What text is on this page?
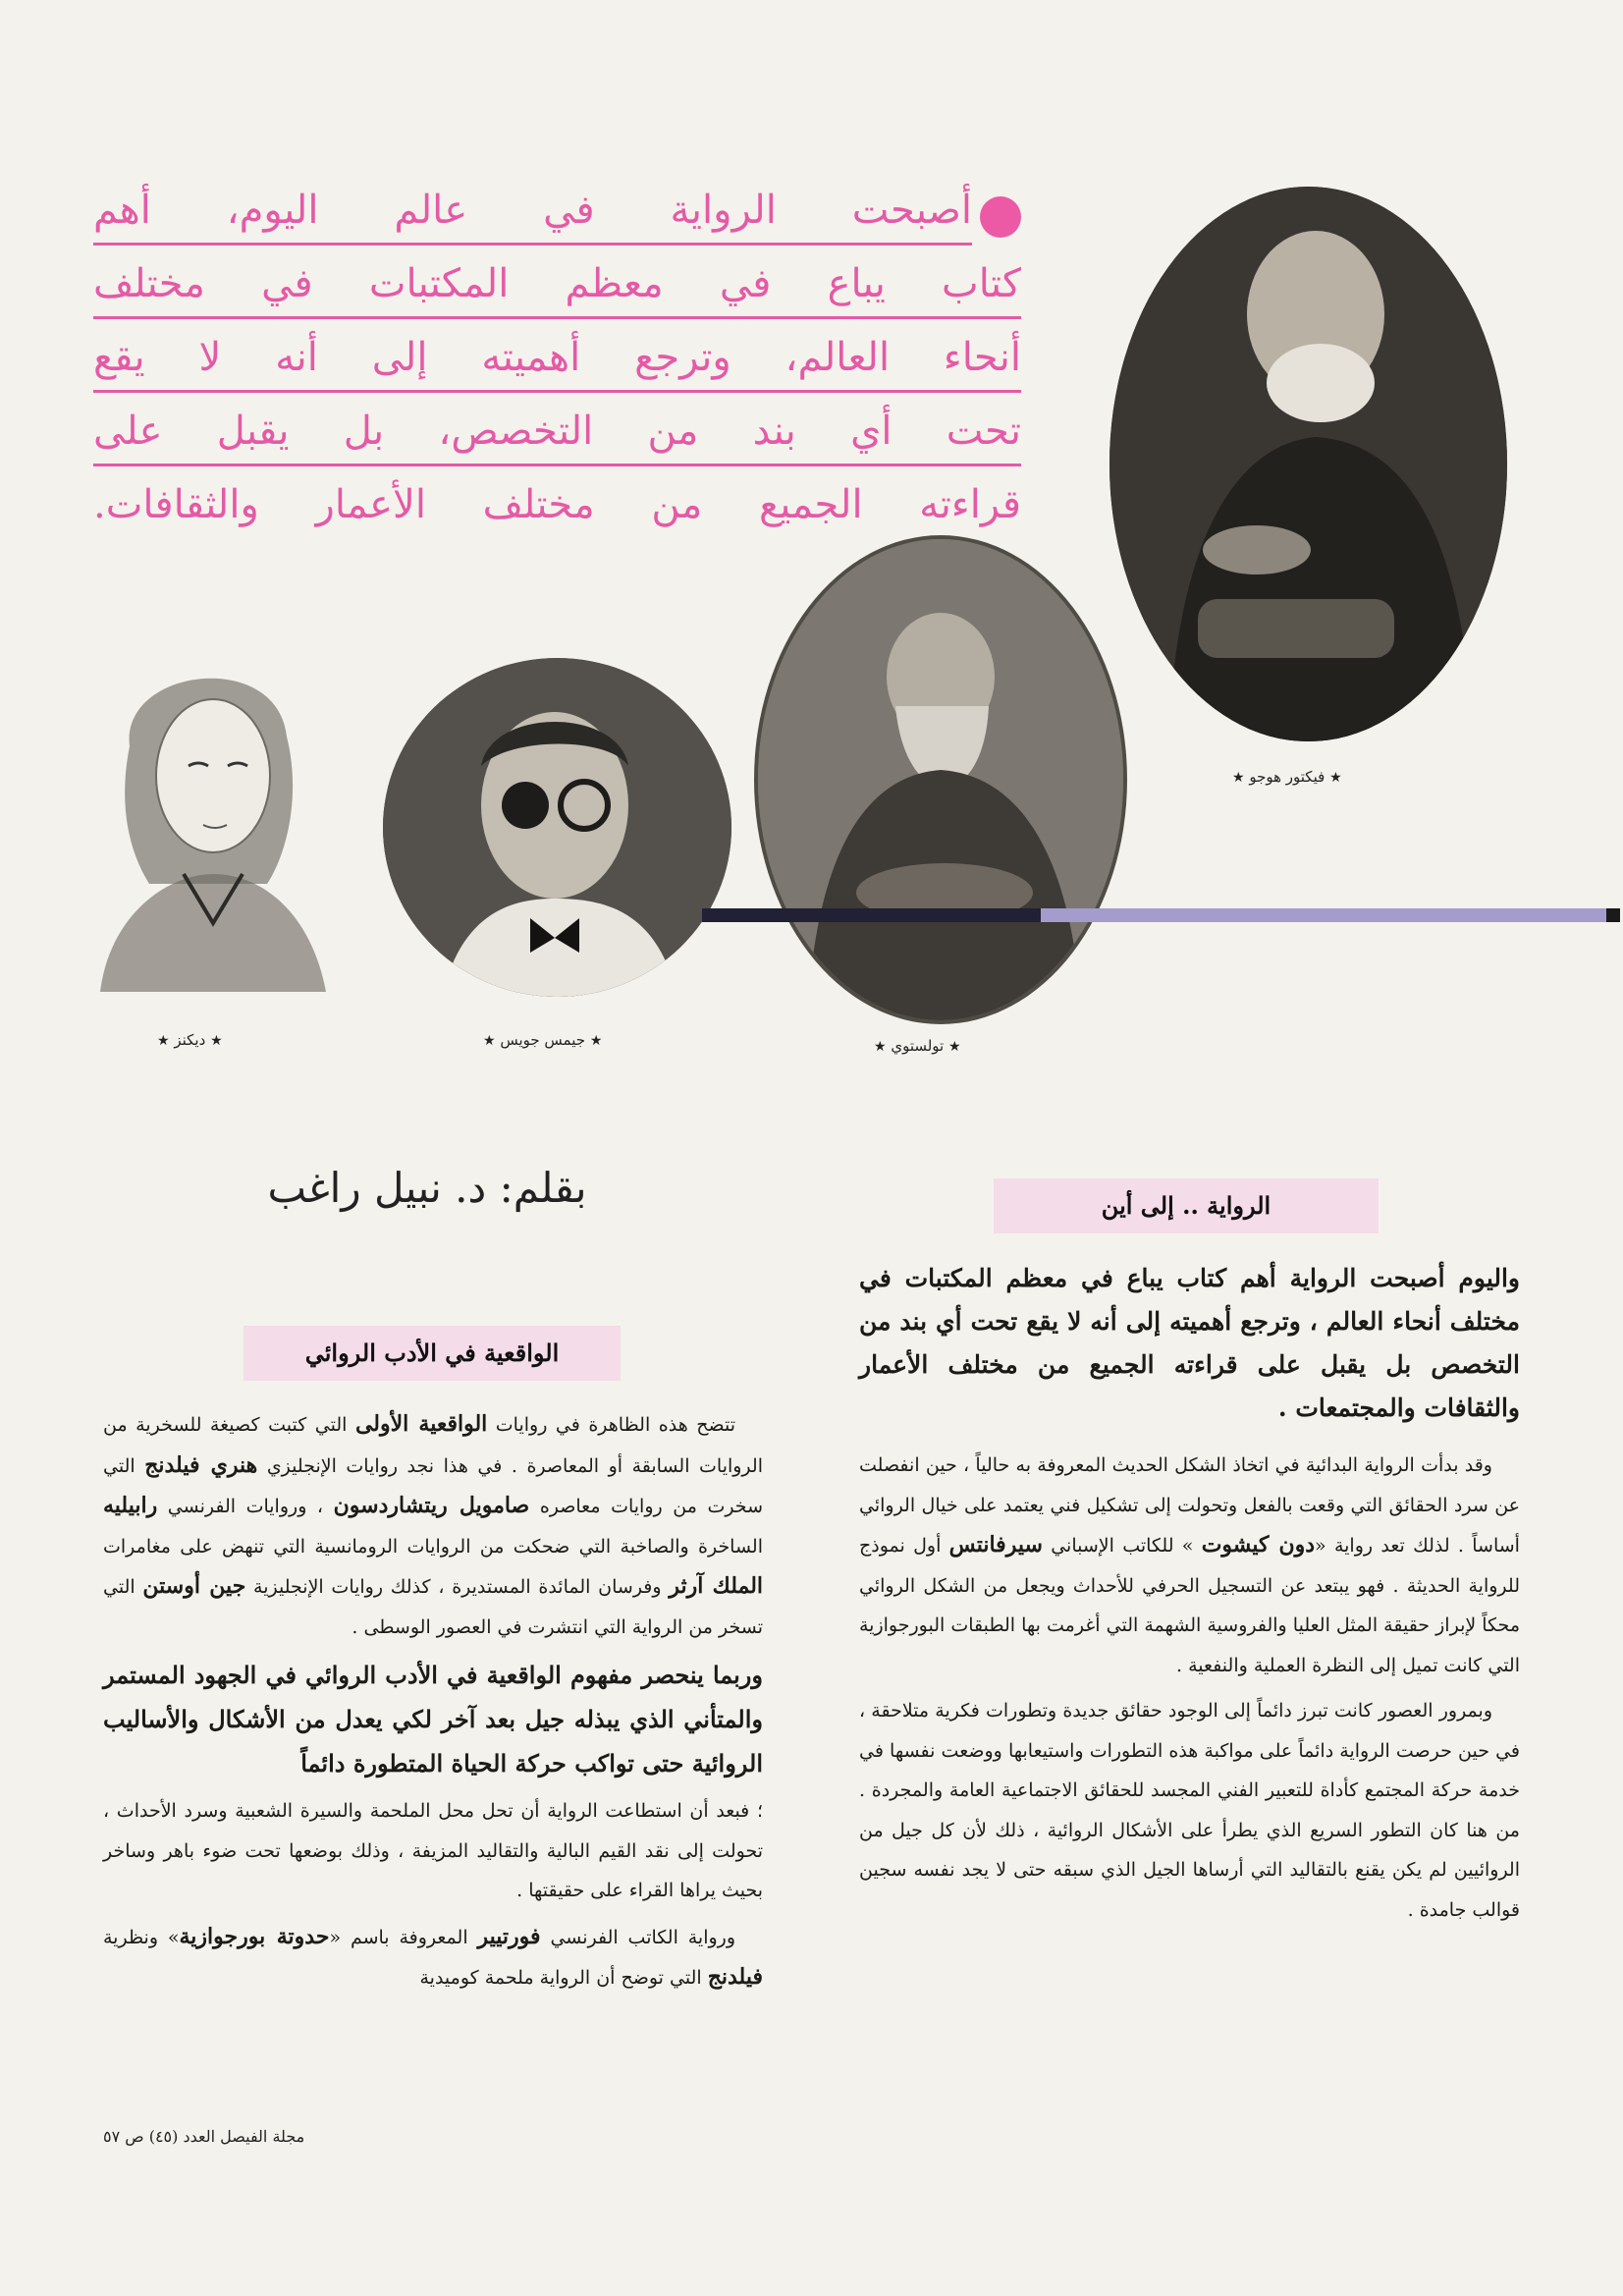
أصبحت الرواية في عالم اليوم، أهم
كتاب يباع في معظم المكتبات في مختلف
أنحاء العالم، وترجع أهميته إلى أنه لا يقع
تحت أي بند من التخصص، بل يقبل على
قراءته الجميع من مختلف الأعمار والثقافات.
★ فيكتور هوجو ★
★ تولستوي ★
★ جيمس جويس ★
★ ديكنز ★
بقلم: د. نبيل راغب	الرواية .. إلى أين

واليوم أصبحت الرواية أهم كتاب يباع في معظم المكتبات في مختلف أنحاء العالم ، وترجع أهميته إلى أنه لا يقع تحت أي بند من التخصص بل يقبل على قراءته الجميع من مختلف الأعمار والثقافات والمجتمعات .

وقد بدأت الرواية البدائية في اتخاذ الشكل الحديث المعروفة به حالياً ، حين انفصلت عن سرد الحقائق التي وقعت بالفعل وتحولت إلى تشكيل فني يعتمد على خيال الروائي أساساً . لذلك تعد رواية «دون كيشوت » للكاتب الإسباني سيرفانتس أول نموذج للرواية الحديثة . فهو يبتعد عن التسجيل الحرفي للأحداث ويجعل من الشكل الروائي محكاً لإبراز حقيقة المثل العليا والفروسية الشهمة التي أغرمت بها الطبقات البورجوازية التي كانت تميل إلى النظرة العملية والنفعية .

وبمرور العصور كانت تبرز دائماً إلى الوجود حقائق جديدة وتطورات فكرية متلاحقة ، في حين حرصت الرواية دائماً على مواكبة هذه التطورات واستيعابها ووضعت نفسها في خدمة حركة المجتمع كأداة للتعبير الفني المجسد للحقائق الاجتماعية العامة والمجردة . من هنا كان التطور السريع الذي يطرأ على الأشكال الروائية ، ذلك لأن كل جيل من الروائيين لم يكن يقنع بالتقاليد التي أرساها الجيل الذي سبقه حتى لا يجد نفسه سجين قوالب جامدة .

الواقعية في الأدب الروائي

تتضح هذه الظاهرة في روايات الواقعية الأولى التي كتبت كصيغة للسخرية من الروايات السابقة أو المعاصرة . في هذا نجد روايات الإنجليزي هنري فيلدنج التي سخرت من روايات معاصره صامويل ريتشاردسون ، وروايات الفرنسي رابيليه الساخرة والصاخبة التي ضحكت من الروايات الرومانسية التي تنهض على مغامرات الملك آرثر وفرسان المائدة المستديرة ، كذلك روايات الإنجليزية جين أوستن التي تسخر من الرواية التي انتشرت في العصور الوسطى .

وربما ينحصر مفهوم الواقعية في الأدب الروائي في الجهود المستمر والمتأني الذي يبذله جيل بعد آخر لكي يعدل من الأشكال والأساليب الروائية حتى تواكب حركة الحياة المتطورة دائماً

؛ فبعد أن استطاعت الرواية أن تحل محل الملحمة والسيرة الشعبية وسرد الأحداث ، تحولت إلى نقد القيم البالية والتقاليد المزيفة ، وذلك بوضعها تحت ضوء باهر وساخر بحيث يراها القراء على حقيقتها .

ورواية الكاتب الفرنسي فورتيير المعروفة باسم «حدوتة بورجوازية» ونظرية فيلدنج التي توضح أن الرواية ملحمة كوميدية

مجلة الفيصل العدد (٤٥) ص ٥٧
